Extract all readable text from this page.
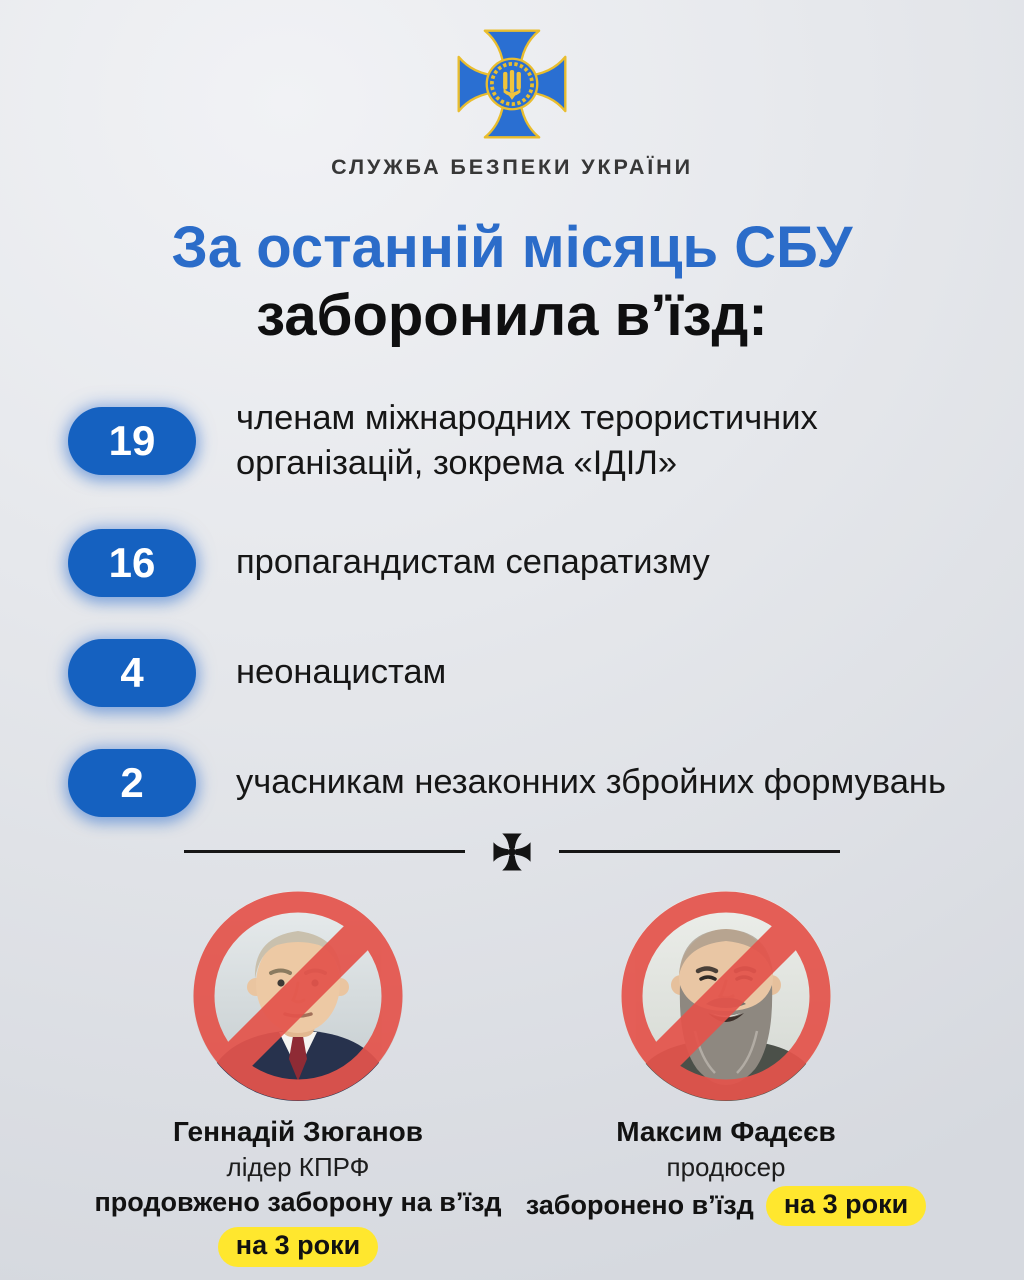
СЛУЖБА БЕЗПЕКИ УКРАЇНИ
За останній місяць СБУ
заборонила в’їзд:
19	членам міжнародних терористичних організацій, зокрема «ІДІЛ»
16	пропагандистам сепаратизму
4	неонацистам
2	учасникам незаконних збройних формувань
Геннадій Зюганов
лідер КПРФ
продовжено заборону на в’їзд
на 3 роки
Максим Фадєєв
продюсер
заборонено в’їзд	на 3 роки
